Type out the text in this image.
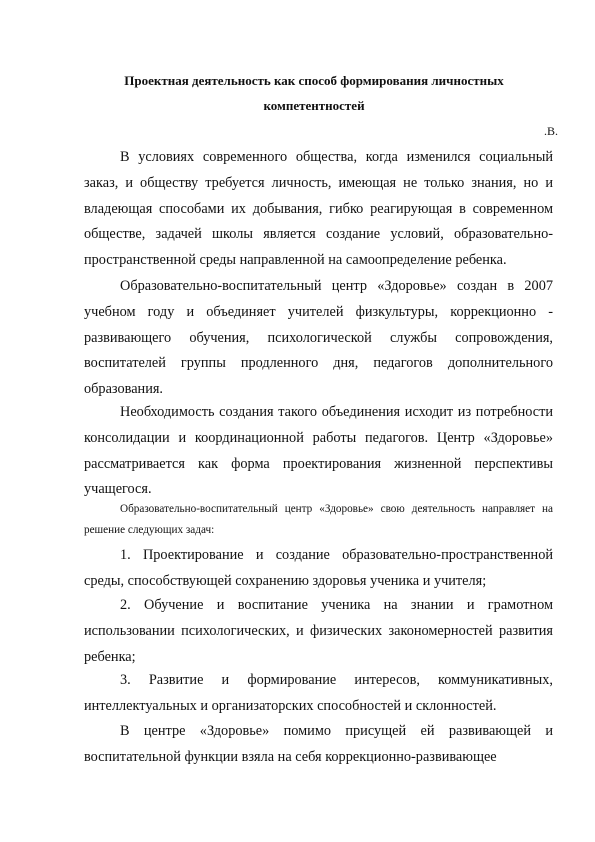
Проектная деятельность как способ формирования личностных
компетентностей
.В.

В условиях современного общества, когда изменился социальный заказ, и обществу требуется личность, имеющая не только знания, но и владеющая способами их добывания, гибко реагирующая в современном обществе, задачей школы является создание условий, образовательно-пространственной среды направленной на самоопределение ребенка.

Образовательно-воспитательный центр «Здоровье» создан в 2007 учебном году и объединяет учителей физкультуры, коррекционно - развивающего обучения, психологической службы сопровождения, воспитателей группы продленного дня, педагогов дополнительного образования.

Необходимость создания такого объединения исходит из потребности консолидации и координационной работы педагогов. Центр «Здоровье» рассматривается как форма проектирования жизненной перспективы учащегося.

Образовательно-воспитательный центр «Здоровье» свою деятельность направляет на решение следующих задач:

1. Проектирование и создание образовательно-пространственной среды, способствующей сохранению здоровья ученика и учителя;

2. Обучение и воспитание ученика на знании и грамотном использовании психологических, и физических закономерностей развития ребенка;

3. Развитие и формирование интересов, коммуникативных, интеллектуальных и организаторских способностей и склонностей.

В центре «Здоровье» помимо присущей ей развивающей и воспитательной функции взяла на себя коррекционно-развивающее
